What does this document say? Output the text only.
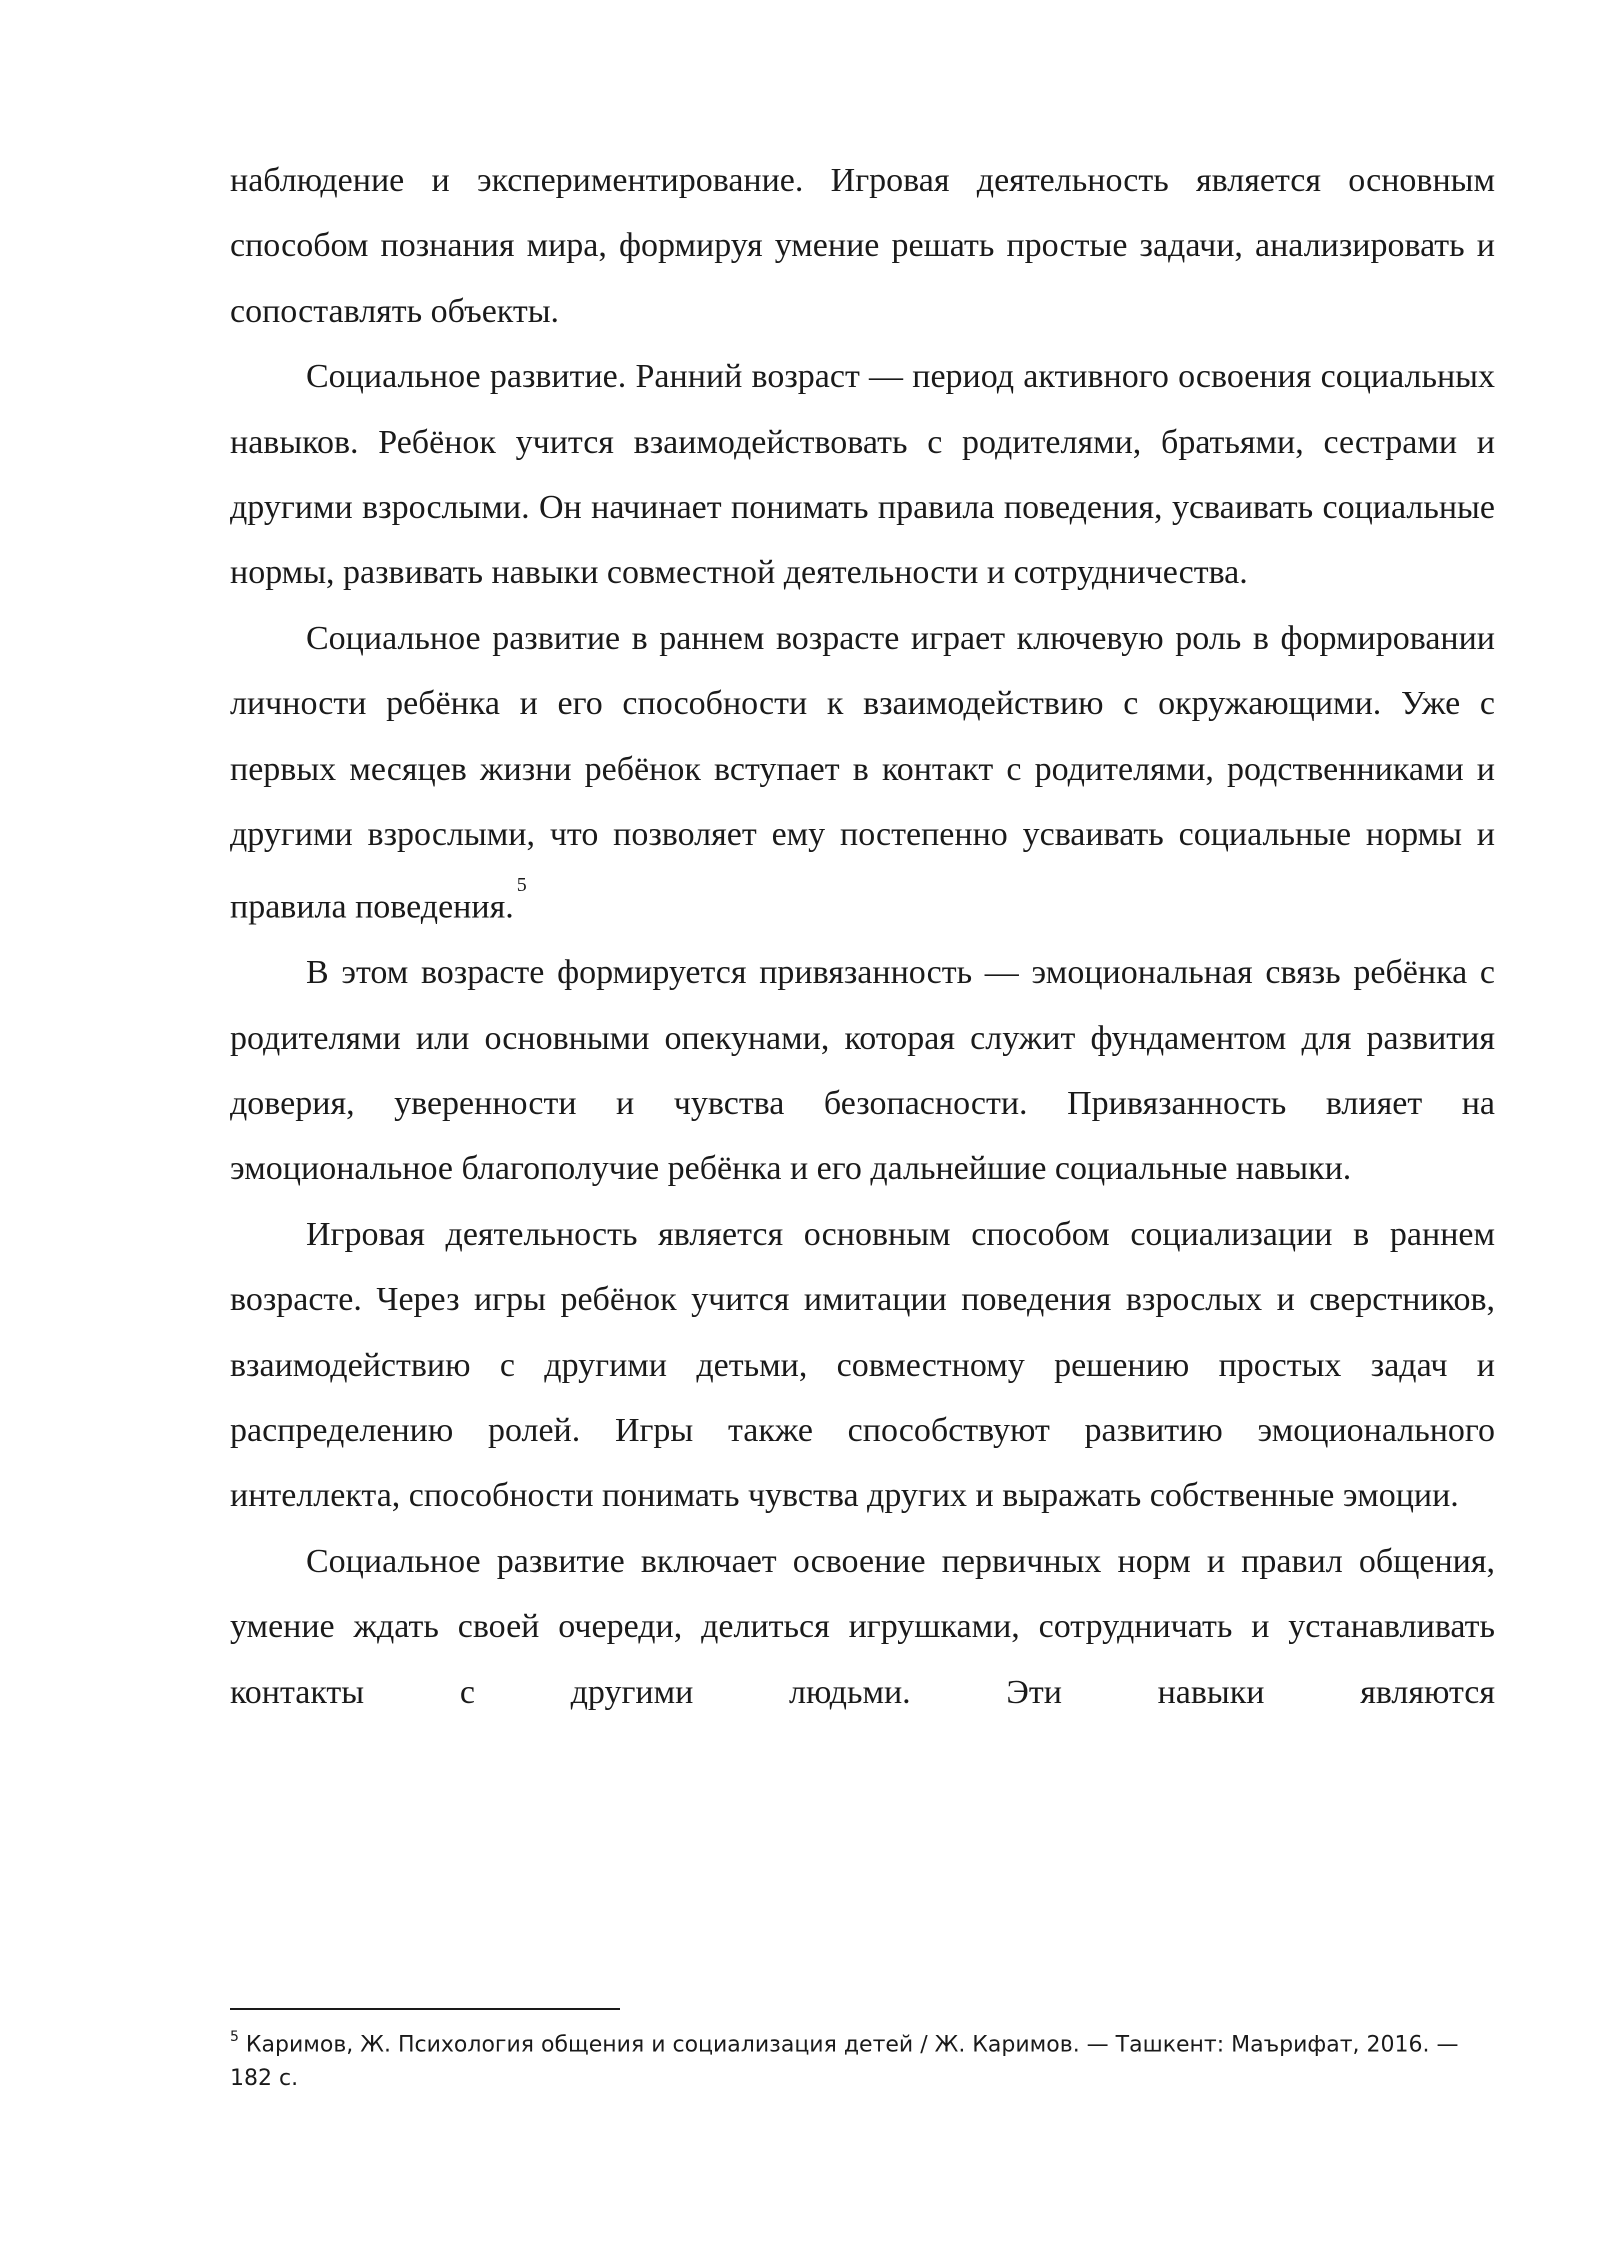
наблюдение и экспериментирование. Игровая деятельность является основным способом познания мира, формируя умение решать простые задачи, анализировать и сопоставлять объекты.

Социальное развитие. Ранний возраст — период активного освоения социальных навыков. Ребёнок учится взаимодействовать с родителями, братьями, сестрами и другими взрослыми. Он начинает понимать правила поведения, усваивать социальные нормы, развивать навыки совместной деятельности и сотрудничества.

Социальное развитие в раннем возрасте играет ключевую роль в формировании личности ребёнка и его способности к взаимодействию с окружающими. Уже с первых месяцев жизни ребёнок вступает в контакт с родителями, родственниками и другими взрослыми, что позволяет ему постепенно усваивать социальные нормы и правила поведения.$^5$

В этом возрасте формируется привязанность — эмоциональная связь ребёнка с родителями или основными опекунами, которая служит фундаментом для развития доверия, уверенности и чувства безопасности. Привязанность влияет на эмоциональное благополучие ребёнка и его дальнейшие социальные навыки.

Игровая деятельность является основным способом социализации в раннем возрасте. Через игры ребёнок учится имитации поведения взрослых и сверстников, взаимодействию с другими детьми, совместному решению простых задач и распределению ролей. Игры также способствуют развитию эмоционального интеллекта, способности понимать чувства других и выражать собственные эмоции.

Социальное развитие включает освоение первичных норм и правил общения, умение ждать своей очереди, делиться игрушками, сотрудничать и устанавливать контакты с другими людьми. Эти навыки являются

$^5$ Каримов, Ж. Психология общения и социализация детей / Ж. Каримов. — Ташкент: Маърифат, 2016. — 182 с.
